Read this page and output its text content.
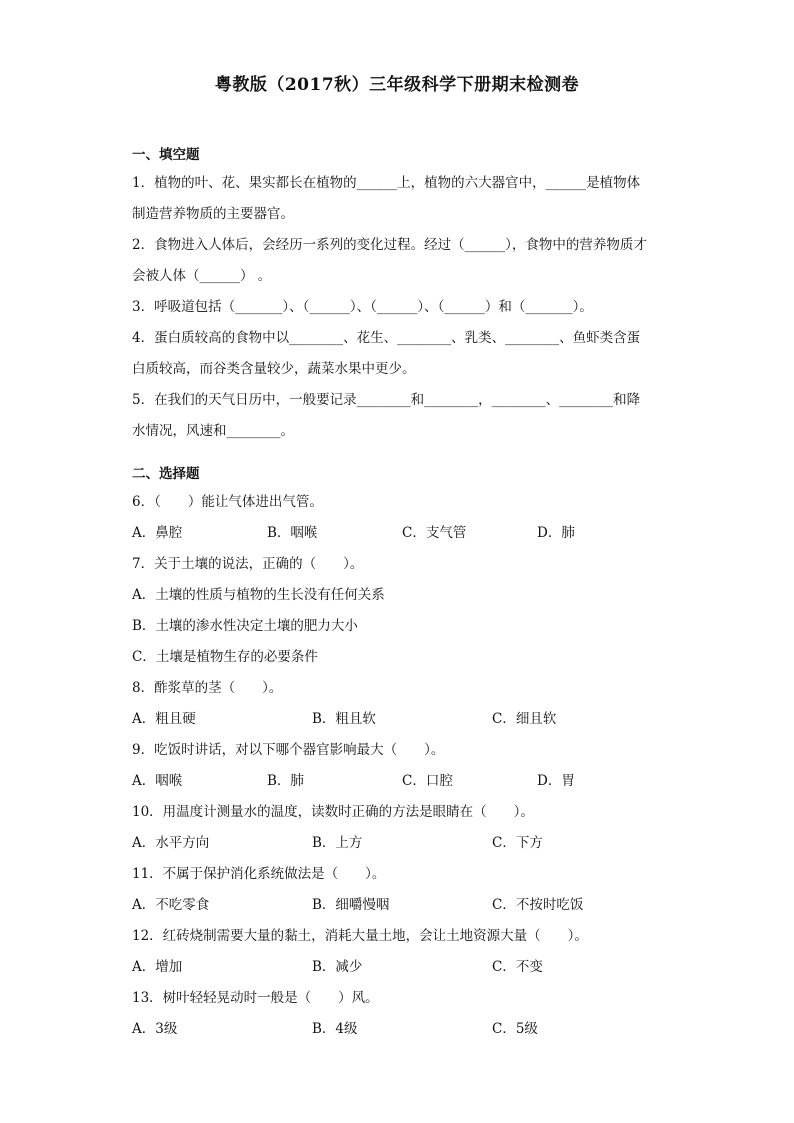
粤教版（2017秋）三年级科学下册期末检测卷
一、填空题
1．植物的叶、花、果实都长在植物的______上，植物的六大器官中，______是植物体
制造营养物质的主要器官。
2．食物进入人体后，会经历一系列的变化过程。经过（______），食物中的营养物质才
会被人体（______） 。
3．呼吸道包括（_______）、（______）、（______）、（______）和（_______）。
4．蛋白质较高的食物中以________、花生、________、乳类、________、鱼虾类含蛋
白质较高，而谷类含量较少，蔬菜水果中更少。
5．在我们的天气日历中，一般要记录________和________，________、________和降
水情况，风速和________。
二、选择题
6．（　　）能让气体进出气管。
A．鼻腔	B．咽喉	C．支气管	D．肺
7．关于土壤的说法，正确的（　　）。
A．土壤的性质与植物的生长没有任何关系
B．土壤的渗水性决定土壤的肥力大小
C．土壤是植物生存的必要条件
8．酢浆草的茎（　　）。
A．粗且硬	B．粗且软	C．细且软
9．吃饭时讲话，对以下哪个器官影响最大（　　）。
A．咽喉	B．肺	C．口腔	D．胃
10．用温度计测量水的温度，读数时正确的方法是眼睛在（　　）。
A．水平方向	B．上方	C．下方
11．不属于保护消化系统做法是（　　）。
A．不吃零食	B．细嚼慢咽	C．不按时吃饭
12．红砖烧制需要大量的黏土，消耗大量土地，会让土地资源大量（　　）。
A．增加	B．减少	C．不变
13．树叶轻轻晃动时一般是（　　）风。
A．3级	B．4级	C．5级
